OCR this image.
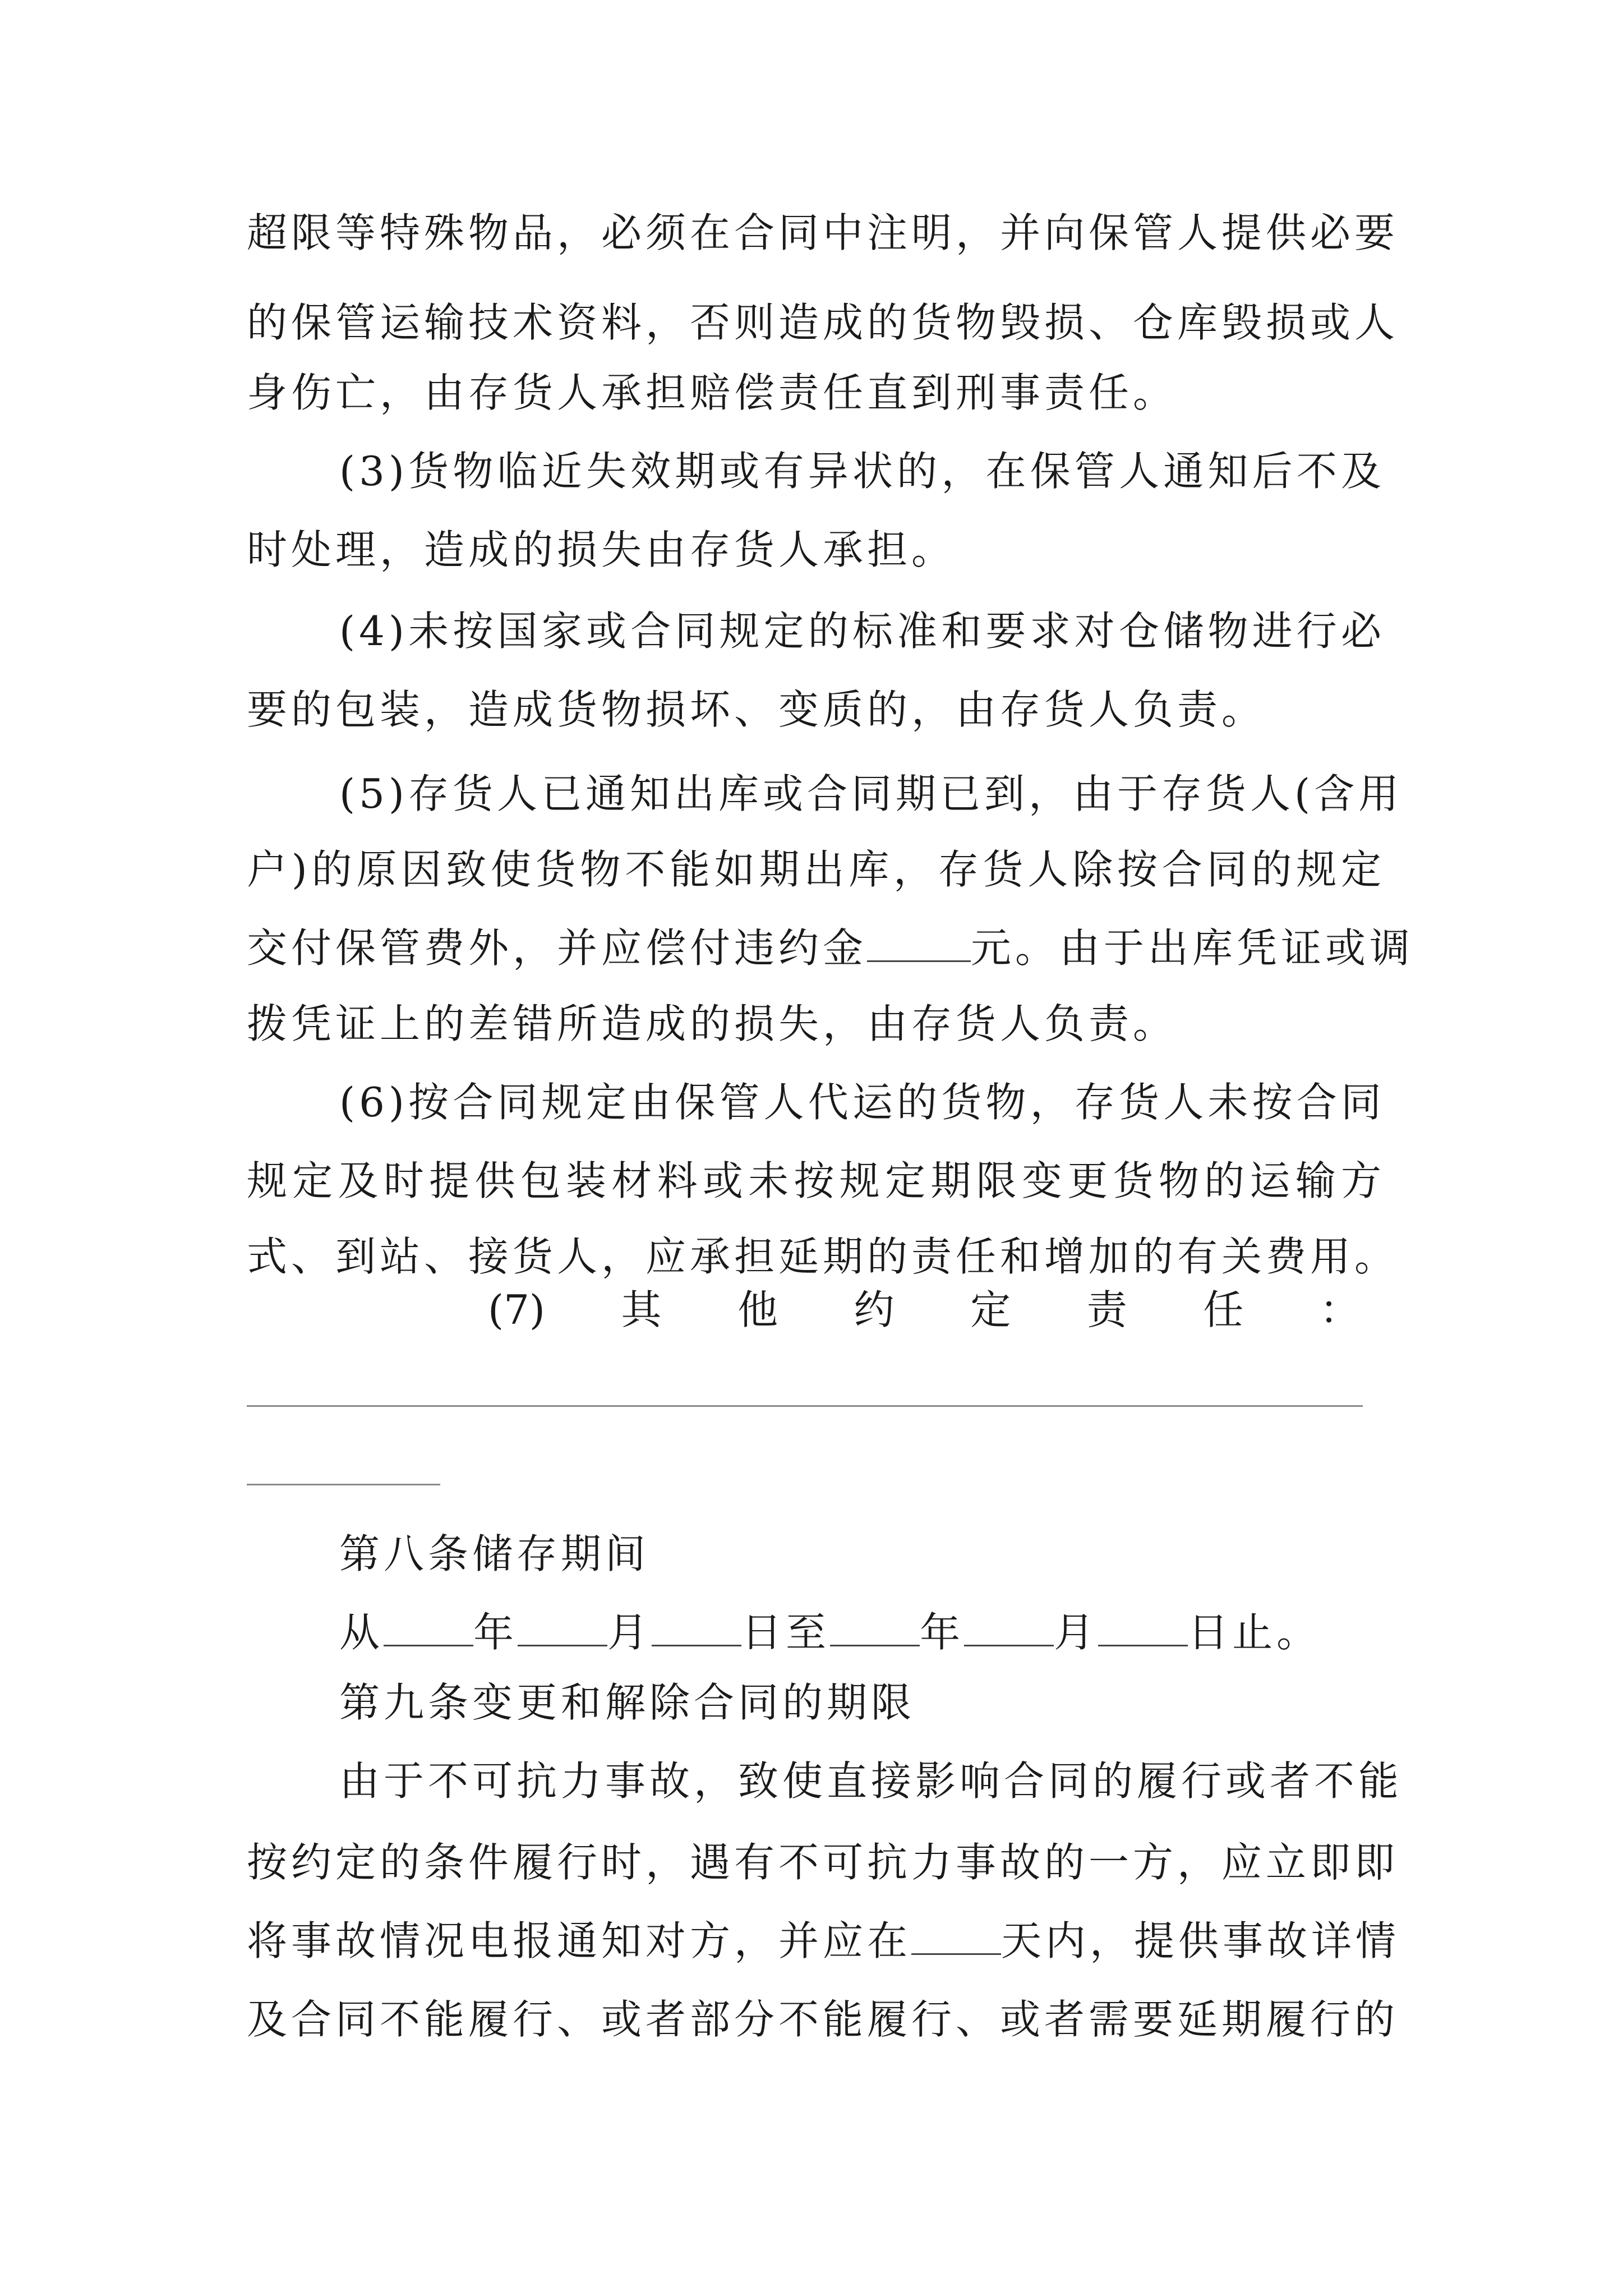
超限等特殊物品，必须在合同中注明，并向保管人提供必要
的保管运输技术资料，否则造成的货物毁损、仓库毁损或人
身伤亡，由存货人承担赔偿责任直到刑事责任。
(3)货物临近失效期或有异状的，在保管人通知后不及
时处理，造成的损失由存货人承担。
(4)未按国家或合同规定的标准和要求对仓储物进行必
要的包装，造成货物损坏、变质的，由存货人负责。
(5)存货人已通知出库或合同期已到，由于存货人(含用
户)的原因致使货物不能如期出库，存货人除按合同的规定
交付保管费外，并应偿付违约金	元。由于出库凭证或调
拨凭证上的差错所造成的损失，由存货人负责。
(6)按合同规定由保管人代运的货物，存货人未按合同
规定及时提供包装材料或未按规定期限变更货物的运输方
式、到站、接货人，应承担延期的责任和增加的有关费用。
(7) 其 他 约 定 责 任 ：
第八条储存期间
从 年 月 日至 年 月 日止。
第九条变更和解除合同的期限
由于不可抗力事故，致使直接影响合同的履行或者不能
按约定的条件履行时，遇有不可抗力事故的一方，应立即即
将事故情况电报通知对方，并应在 天内，提供事故详情
及合同不能履行、或者部分不能履行、或者需要延期履行的
